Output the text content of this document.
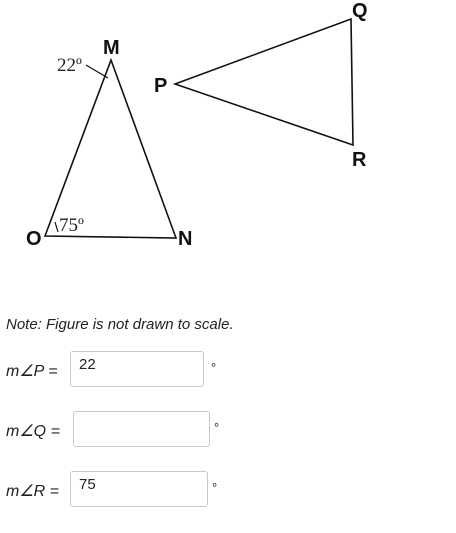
M
O	N
22º
75º
P
Q
R
Note: Figure is not drawn to scale.
m∠P =
22	°
m∠Q =	°
m∠R =
75	°
